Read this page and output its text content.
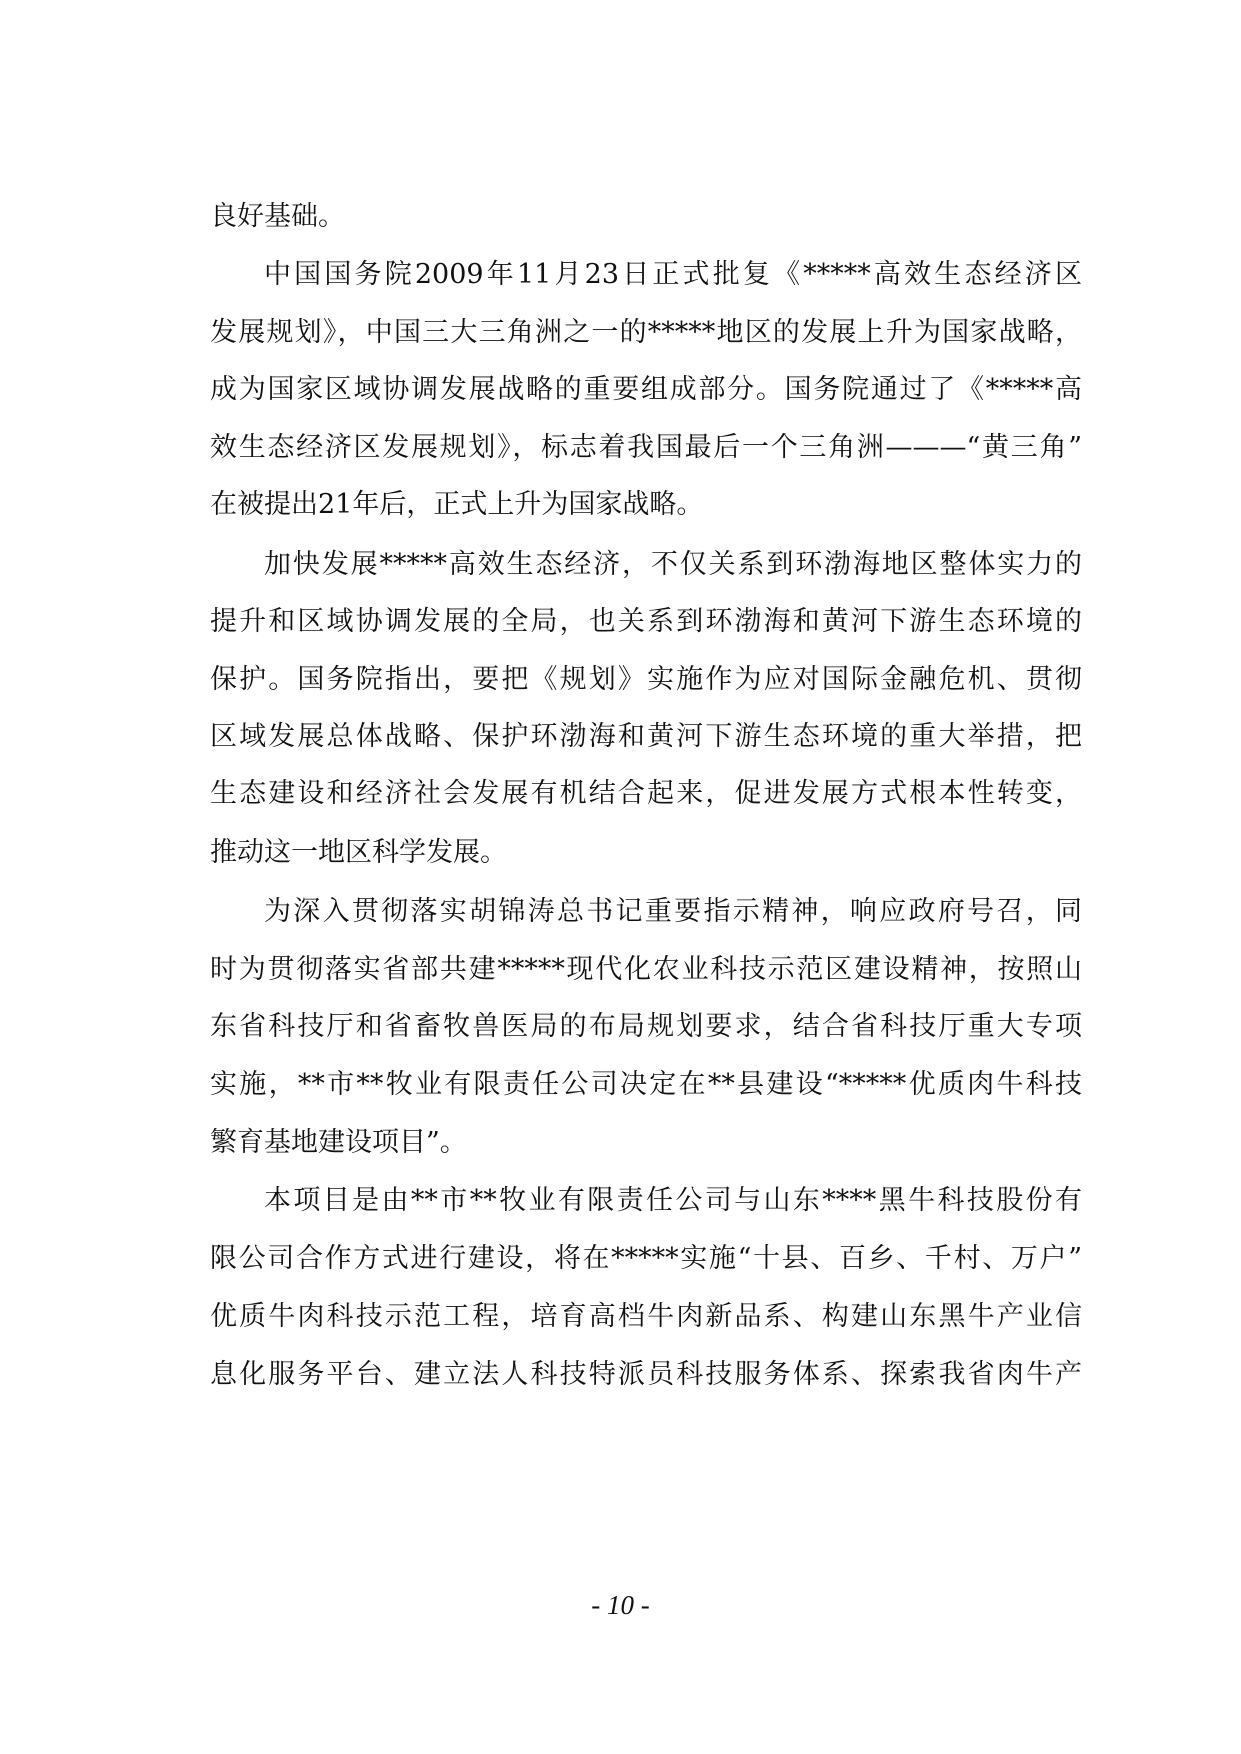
良好基础。
中国国务院2009年11月23日正式批复《*****高效生态经济区
发展规划》，中国三大三角洲之一的*****地区的发展上升为国家战略，
成为国家区域协调发展战略的重要组成部分。国务院通过了《*****高
效生态经济区发展规划》，标志着我国最后一个三角洲———“黄三角”
在被提出21年后，正式上升为国家战略。
加快发展*****高效生态经济，不仅关系到环渤海地区整体实力的
提升和区域协调发展的全局，也关系到环渤海和黄河下游生态环境的
保护。国务院指出，要把《规划》实施作为应对国际金融危机、贯彻
区域发展总体战略、保护环渤海和黄河下游生态环境的重大举措，把
生态建设和经济社会发展有机结合起来，促进发展方式根本性转变，
推动这一地区科学发展。
为深入贯彻落实胡锦涛总书记重要指示精神，响应政府号召，同
时为贯彻落实省部共建*****现代化农业科技示范区建设精神，按照山
东省科技厅和省畜牧兽医局的布局规划要求，结合省科技厅重大专项
实施，**市**牧业有限责任公司决定在**县建设“*****优质肉牛科技
繁育基地建设项目”。
本项目是由**市**牧业有限责任公司与山东****黑牛科技股份有
限公司合作方式进行建设，将在*****实施“十县、百乡、千村、万户”
优质牛肉科技示范工程，培育高档牛肉新品系、构建山东黑牛产业信
息化服务平台、建立法人科技特派员科技服务体系、探索我省肉牛产
- 10 -
